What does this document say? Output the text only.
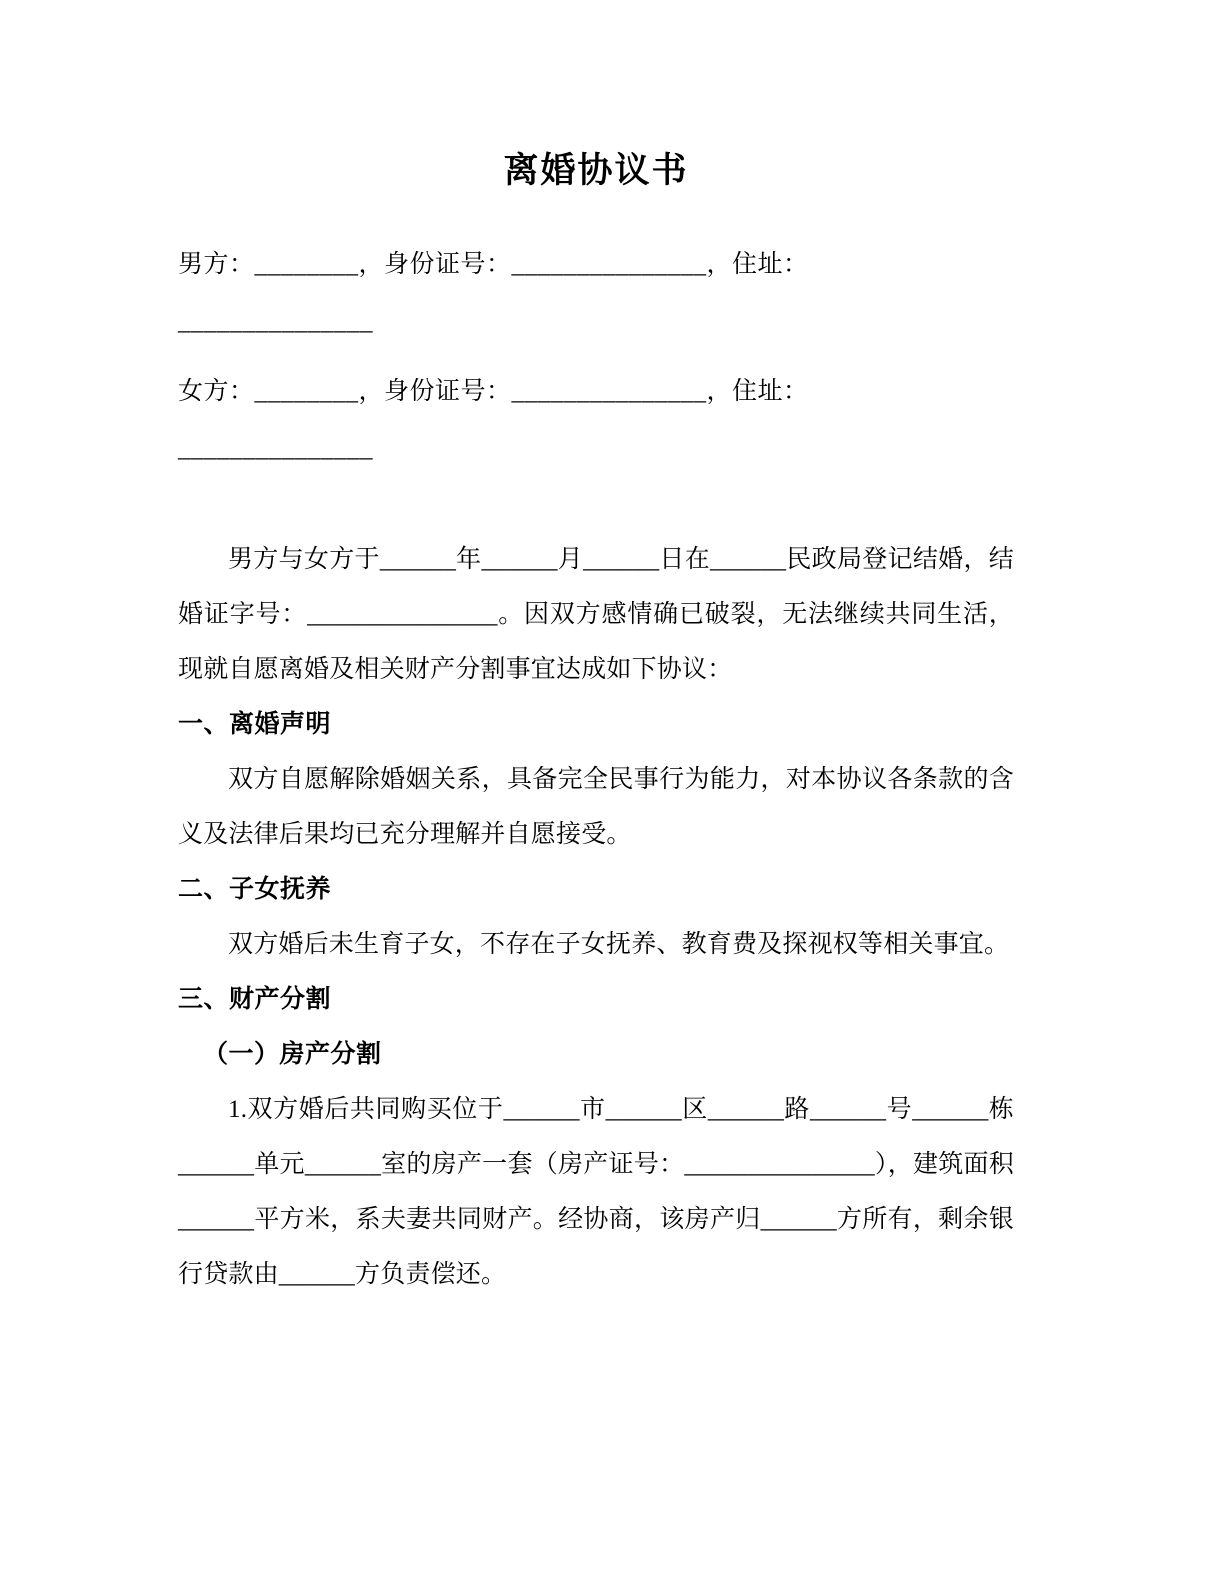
离婚协议书
男方：________，身份证号：_______________，住址：
_______________
女方：________，身份证号：_______________，住址：
_______________

男方与女方于______年______月______日在______民政局登记结婚，结婚证字号：_______________。因双方感情确已破裂，无法继续共同生活，现就自愿离婚及相关财产分割事宜达成如下协议：

一、离婚声明

双方自愿解除婚姻关系，具备完全民事行为能力，对本协议各条款的含义及法律后果均已充分理解并自愿接受。

二、子女抚养

双方婚后未生育子女，不存在子女抚养、教育费及探视权等相关事宜。

三、财产分割
（一）房产分割

1.双方婚后共同购买位于______市______区______路______号______栋______单元______室的房产一套（房产证号：_______________），建筑面积______平方米，系夫妻共同财产。经协商，该房产归______方所有，剩余银行贷款由______方负责偿还。
